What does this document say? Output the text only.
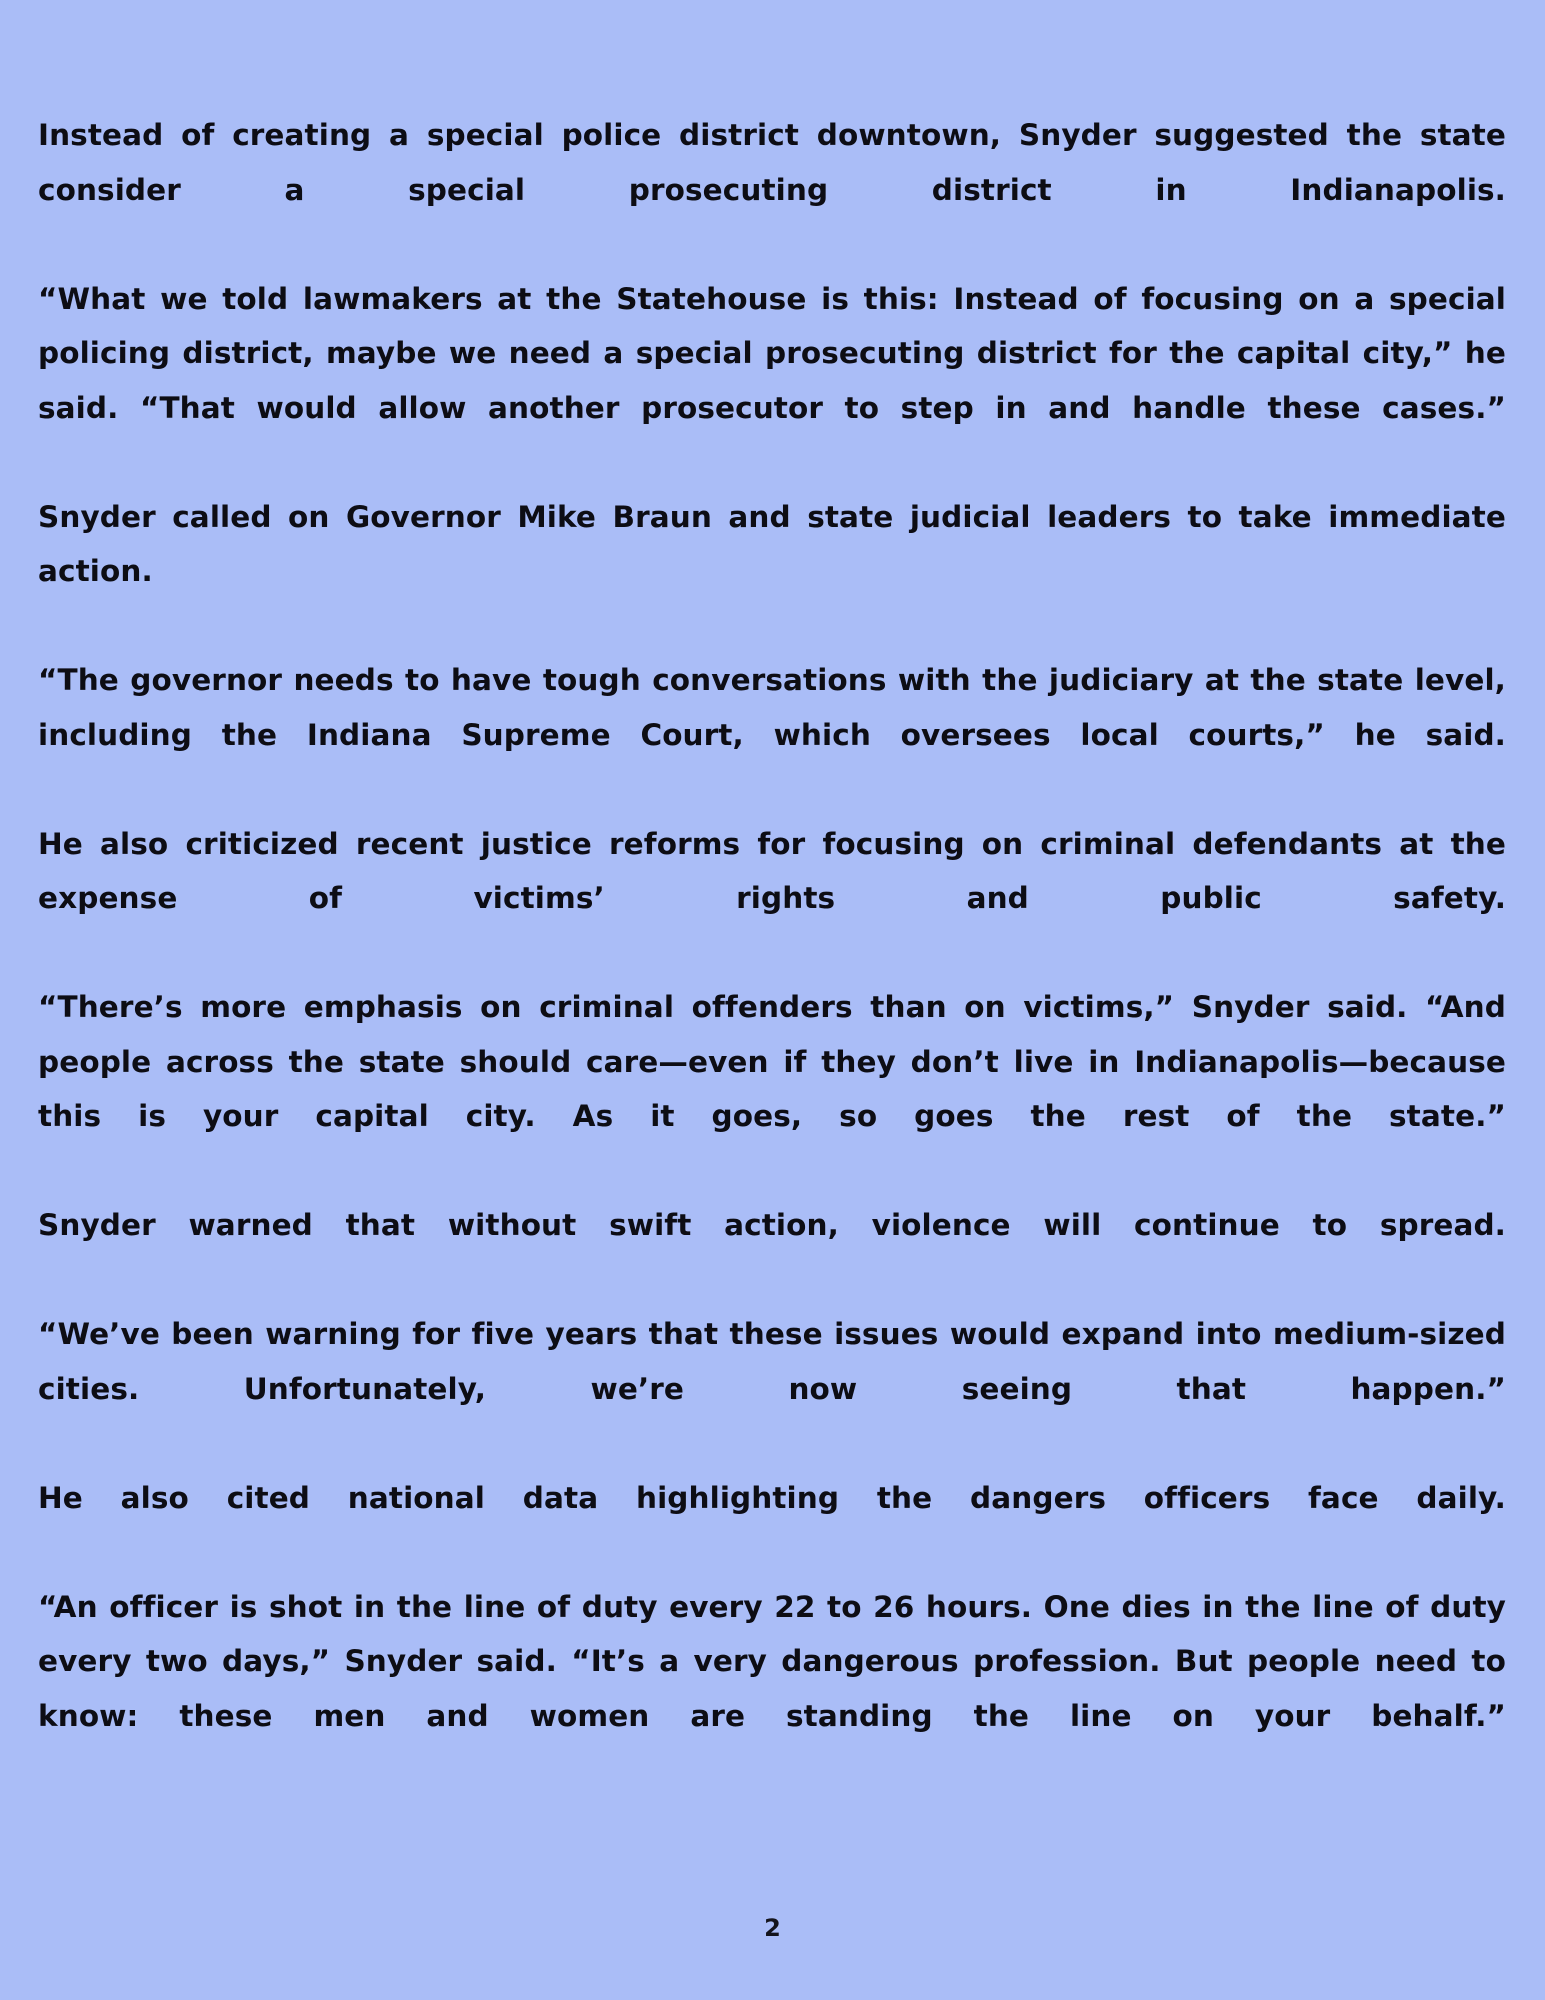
Instead of creating a special police district downtown, Snyder suggested the state consider a special prosecuting district in Indianapolis.

“What we told lawmakers at the Statehouse is this: Instead of focusing on a special policing district, maybe we need a special prosecuting district for the capital city,” he said. “That would allow another prosecutor to step in and handle these cases.”

Snyder called on Governor Mike Braun and state judicial leaders to take immediate action.

“The governor needs to have tough conversations with the judiciary at the state level, including the Indiana Supreme Court, which oversees local courts,” he said.

He also criticized recent justice reforms for focusing on criminal defendants at the expense of victims’ rights and public safety.

“There’s more emphasis on criminal offenders than on victims,” Snyder said. “And people across the state should care—even if they don’t live in Indianapolis—because this is your capital city. As it goes, so goes the rest of the state.”

Snyder warned that without swift action, violence will continue to spread.

“We’ve been warning for five years that these issues would expand into medium-sized cities. Unfortunately, we’re now seeing that happen.”

He also cited national data highlighting the dangers officers face daily.

“An officer is shot in the line of duty every 22 to 26 hours. One dies in the line of duty every two days,” Snyder said. “It’s a very dangerous profession. But people need to know: these men and women are standing the line on your behalf.”

2
